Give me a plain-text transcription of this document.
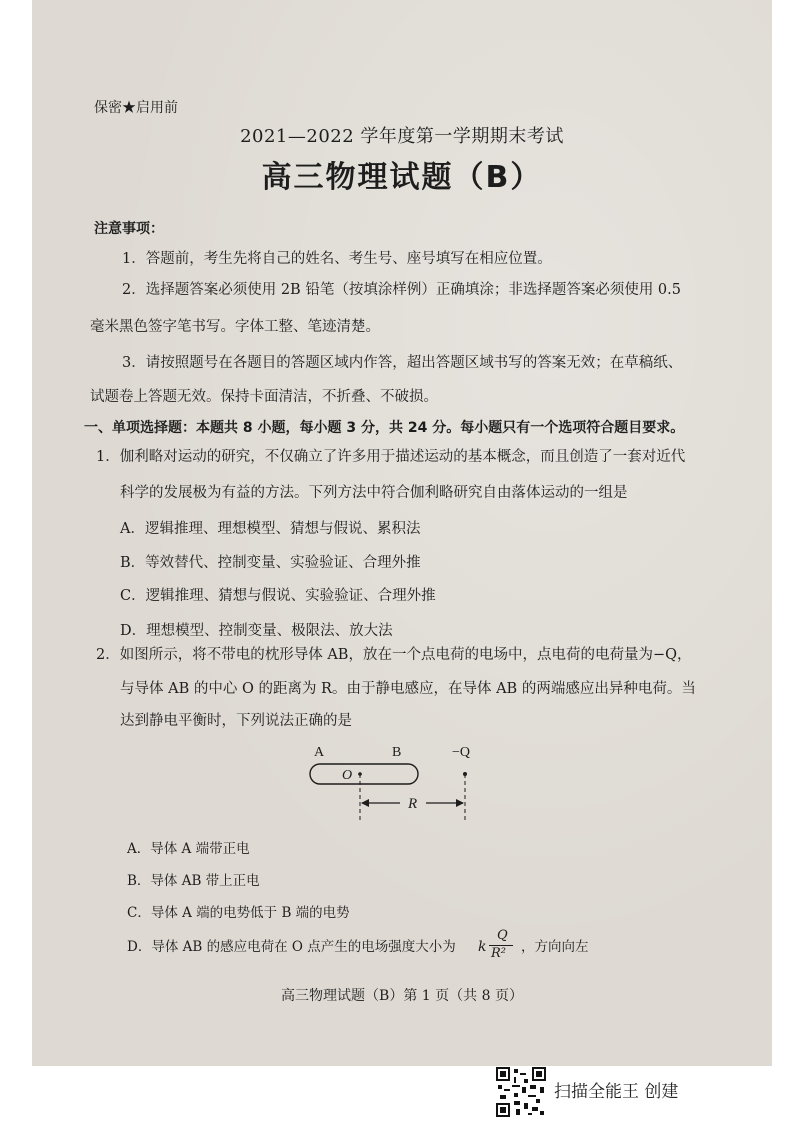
保密★启用前
2021—2022 学年度第一学期期末考试
高三物理试题（B）
注意事项：
1．答题前，考生先将自己的姓名、考生号、座号填写在相应位置。
2．选择题答案必须使用 2B 铅笔（按填涂样例）正确填涂；非选择题答案必须使用 0.5
毫米黑色签字笔书写。字体工整、笔迹清楚。
3．请按照题号在各题目的答题区域内作答，超出答题区域书写的答案无效；在草稿纸、
试题卷上答题无效。保持卡面清洁，不折叠、不破损。
一、单项选择题：本题共 8 小题，每小题 3 分，共 24 分。每小题只有一个选项符合题目要求。
1．伽利略对运动的研究，不仅确立了许多用于描述运动的基本概念，而且创造了一套对近代
科学的发展极为有益的方法。下列方法中符合伽利略研究自由落体运动的一组是
A．逻辑推理、理想模型、猜想与假说、累积法
B．等效替代、控制变量、实验验证、合理外推
C．逻辑推理、猜想与假说、实验验证、合理外推
D．理想模型、控制变量、极限法、放大法
2．如图所示，将不带电的枕形导体 AB，放在一个点电荷的电场中，点电荷的电荷量为−Q，
与导体 AB 的中心 O 的距离为 R。由于静电感应，在导体 AB 的两端感应出异种电荷。当
达到静电平衡时，下列说法正确的是
A	B	−Q
O
R
A．导体 A 端带正电
B．导体 AB 带上正电
C．导体 A 端的电势低于 B 端的电势
D．导体 AB 的感应电荷在 O 点产生的电场强度大小为 k
Q
R² ，方向向左
高三物理试题（B）第 1 页（共 8 页）
扫描全能王 创建
